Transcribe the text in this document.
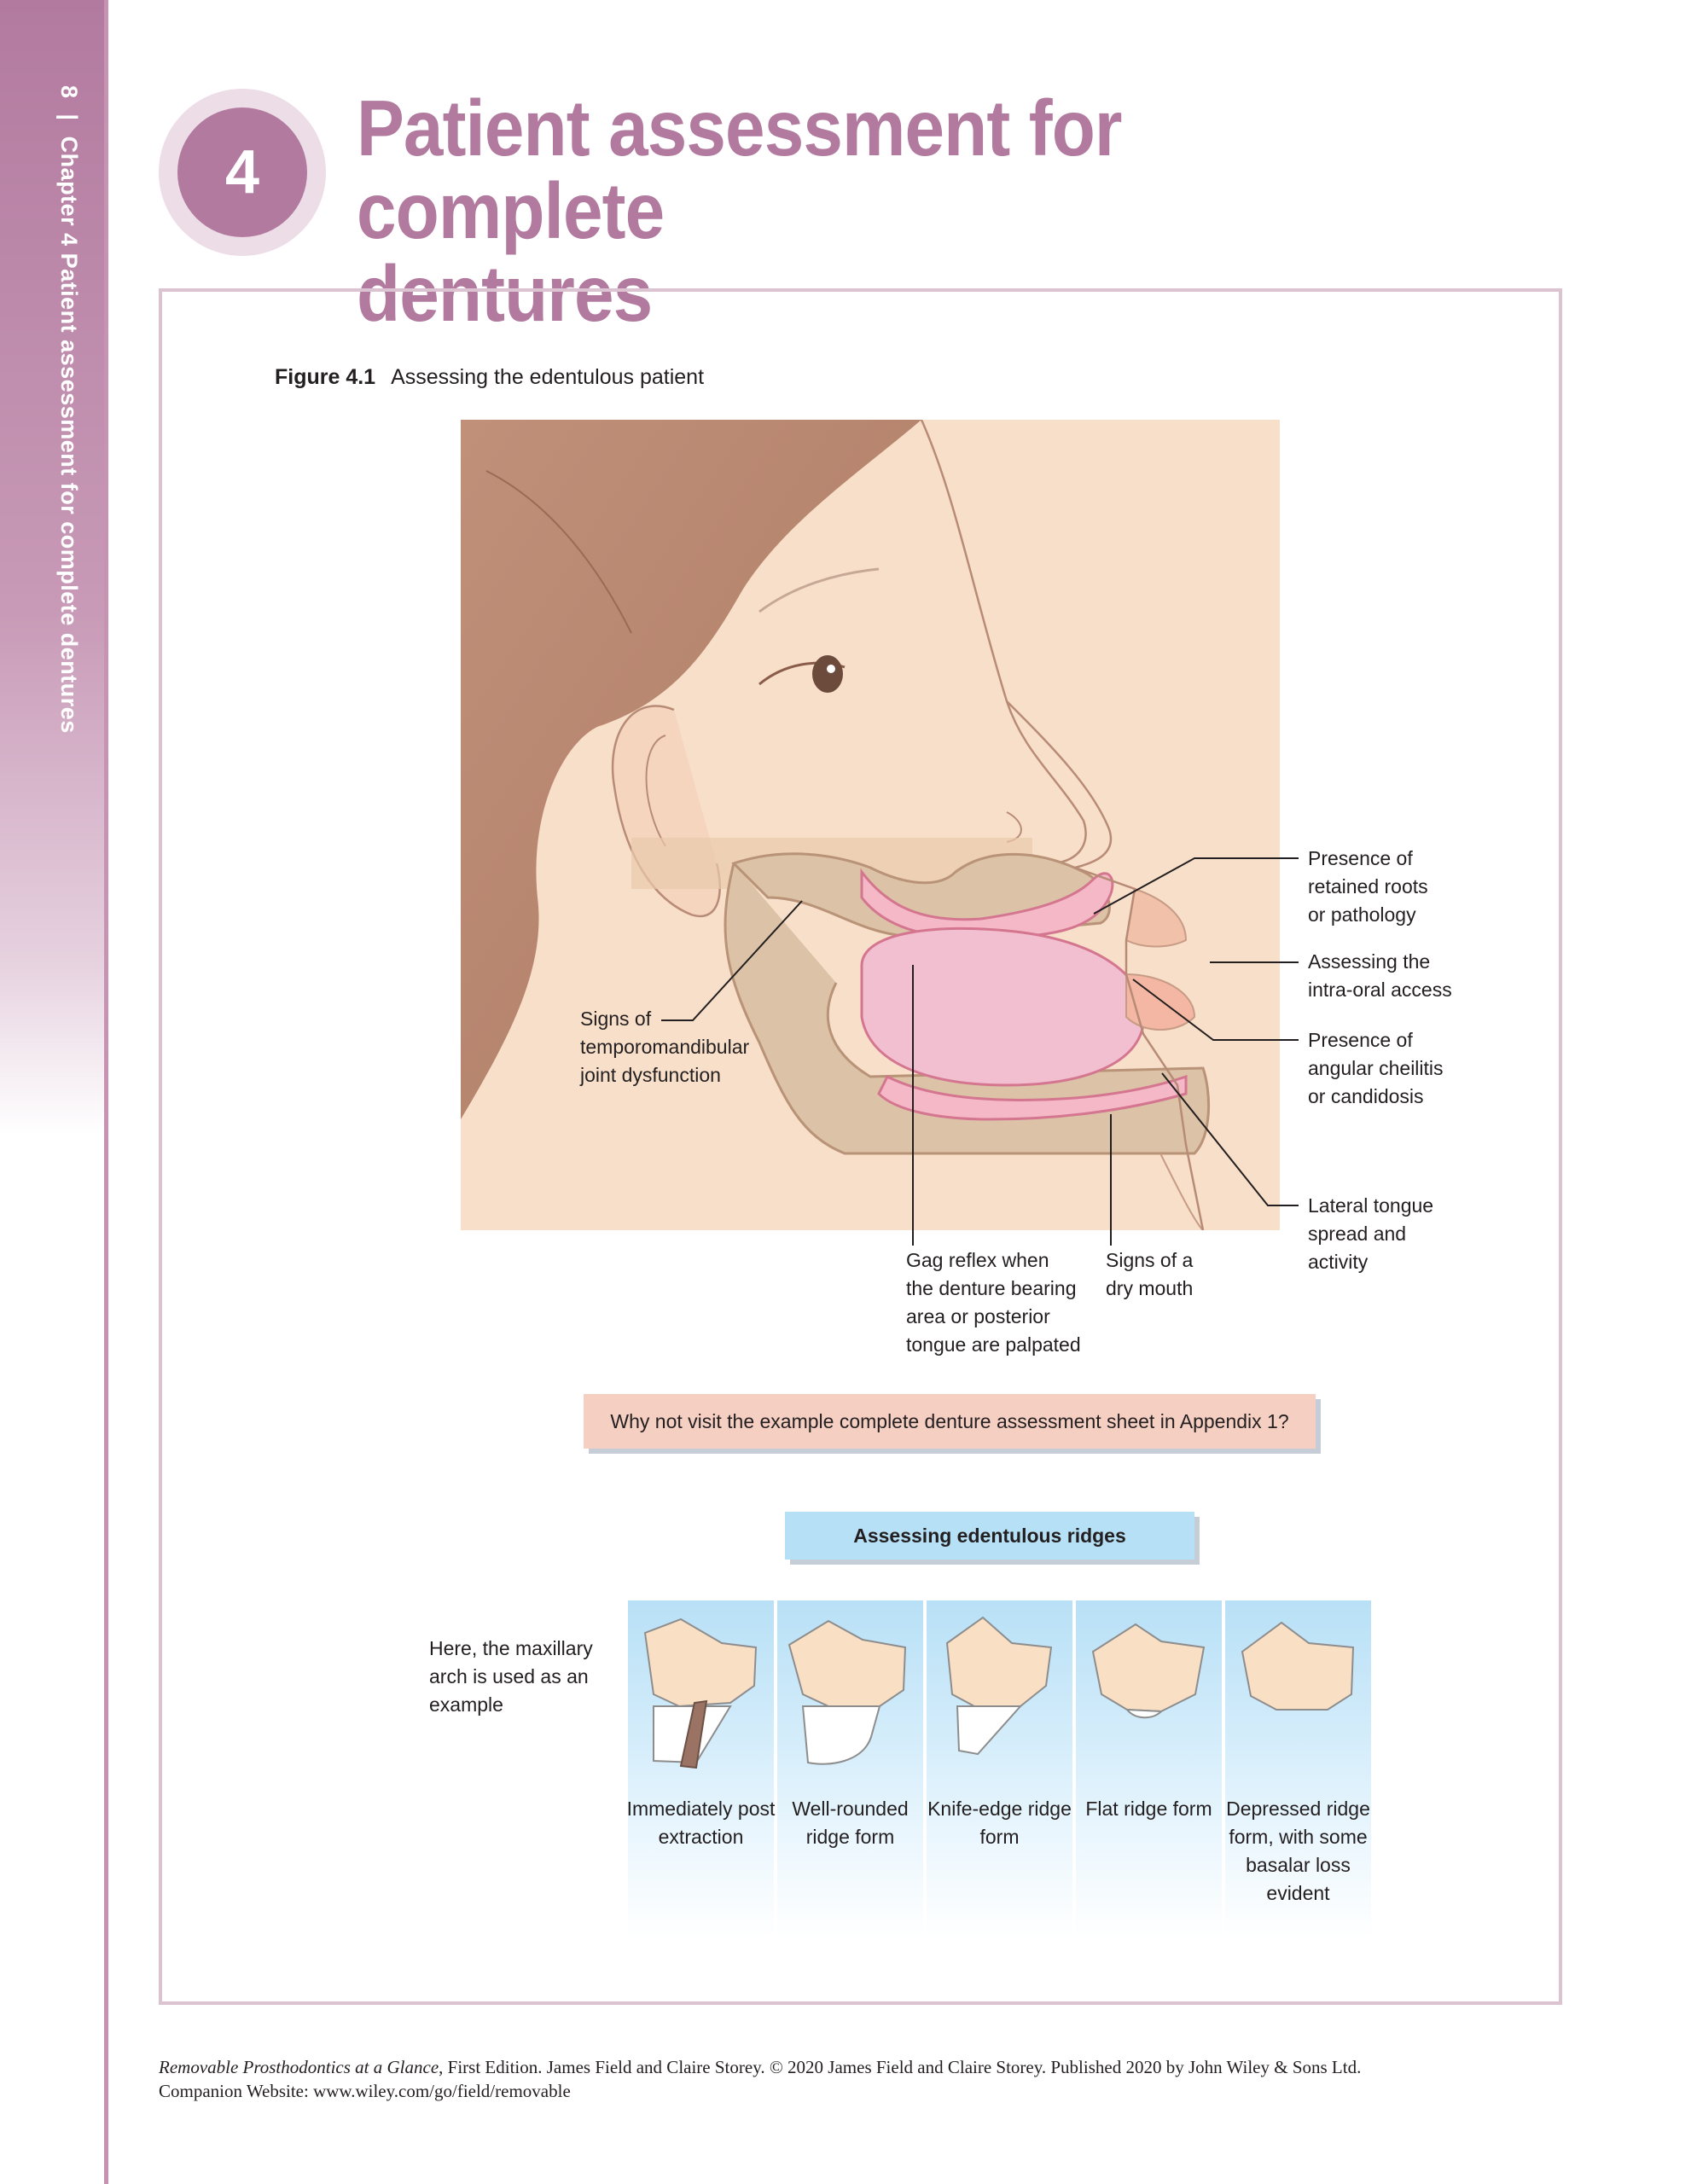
8|Chapter 4 Patient assessment for complete dentures	4	Patient assessment for complete
dentures
Figure 4.1 Assessing the edentulous patient
Signs of
temporomandibular
joint dysfunction
Presence of
retained roots
or pathology
Assessing the
intra-oral access
Presence of
angular cheilitis
or candidosis
Lateral tongue
spread and
activity
Gag reflex when
the denture bearing
area or posterior
tongue are palpated
Signs of a
dry mouth
Why not visit the example complete denture assessment sheet in Appendix 1?
Assessing edentulous ridges
Here, the maxillary
arch is used as an
example
Immediately post extraction
Well-rounded ridge form
Knife-edge ridge form
Flat ridge form Depressed ridge form, with some basalar loss evident
Removable Prosthodontics at a Glance, First Edition. James Field and Claire Storey. © 2020 James Field and Claire Storey. Published 2020 by John Wiley & Sons Ltd.
Companion Website: www.wiley.com/go/field/removable
